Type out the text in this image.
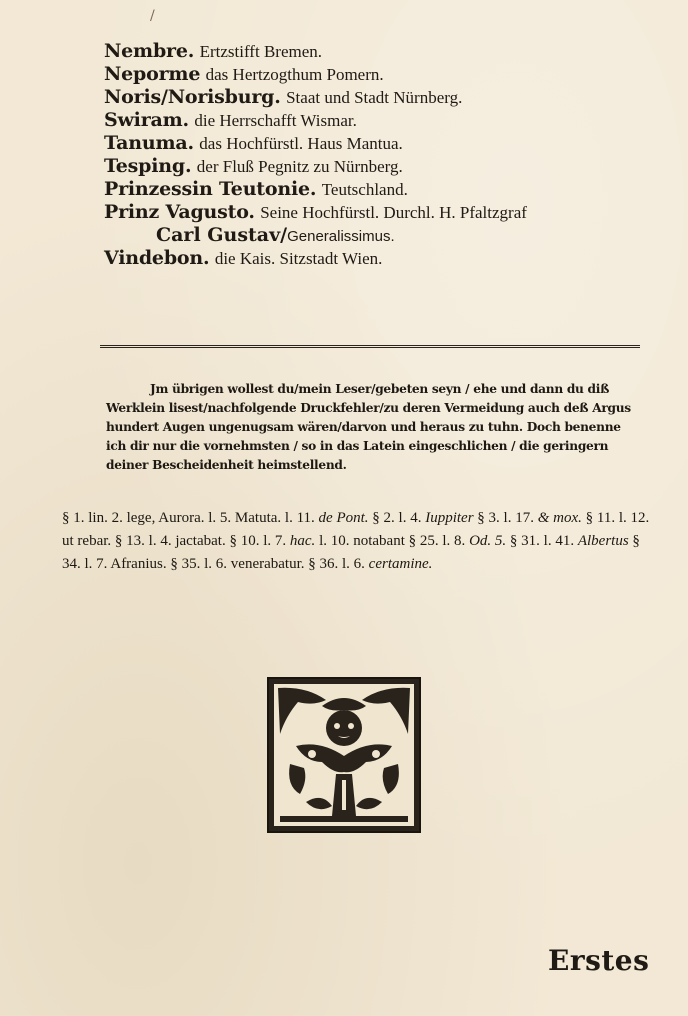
/
Nembre. Ertzstifft Bremen.
Neporme das Hertzogthum Pomern.
Noris/Norisburg. Staat und Stadt Nürnberg.
Swiram. die Herrschafft Wismar.
Tanuma. das Hochfürstl. Haus Mantua.
Tesping. der Fluß Pegnitz zu Nürnberg.
Prinzessin Teutonie. Teutschland.
Prinz Vagusto. Seine Hochfürstl. Durchl. H. Pfaltzgraf
Carl Gustav/Generalissimus.
Vindebon. die Kais. Sitzstadt Wien.
Jm übrigen wollest du/mein Leser/gebeten seyn / ehe und dann du diß Werklein lisest/nachfolgende Druckfehler/zu deren Vermeidung auch deß Argus hundert Augen ungenugsam wären/darvon und heraus zu tuhn. Doch benenne ich dir nur die vornehmsten / so in das Latein eingeschlichen / die geringern deiner Bescheidenheit heimstellend.
§ 1. lin. 2. lege, Aurora. l. 5. Matuta. l. 11. de Pont. § 2. l. 4. Iuppiter § 3. l. 17. & mox. § 11. l. 12. ut rebar. § 13. l. 4. jactabat. § 10. l. 7. hac. l. 10. notabant § 25. l. 8. Od. 5. § 31. l. 41. Albertus § 34. l. 7. Afranius. § 35. l. 6. venerabatur. § 36. l. 6. certamine.
Erstes
